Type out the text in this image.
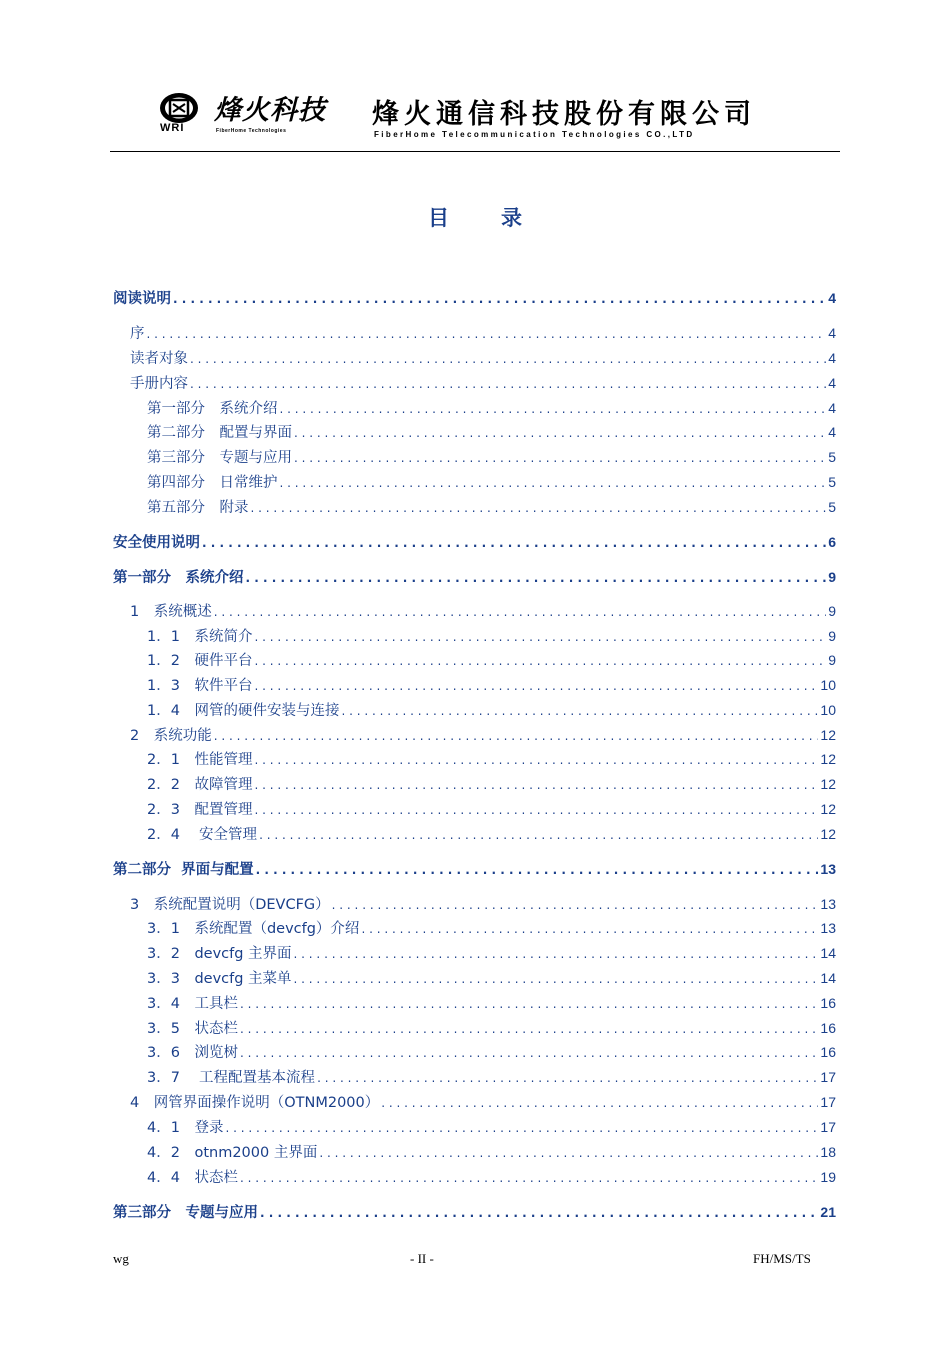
WRI
烽火科技
FiberHome Technologies
烽火通信科技股份有限公司
FiberHome Telecommunication Technologies CO.,LTD
目录
阅读说明 . . .	4
序 . . .	4
读者对象 . . .	4
手册内容 . . .	4
第一部分　系统介绍 . . .	4
第二部分　配置与界面 . . .	4
第三部分　专题与应用 . . .	5
第四部分　日常维护 . . .	5
第五部分　附录 . . .	5
安全使用说明 . . .	6
第一部分　系统介绍 . . .	9
1　系统概述 . . .	9
1．1　系统简介 . . .	9
1．2　硬件平台 . . .	9
1．3　软件平台 . . .	10
1．4　网管的硬件安装与连接 . . .	10
2　系统功能 . . .	12
2．1　性能管理 . . .	12
2．2　故障管理 . . .	12
2．3　配置管理 . . .	12
2．4　 安全管理 . . .	12
第二部分  界面与配置 . . .	13
3　系统配置说明（DEVCFG） . . .	13
3．1　系统配置（devcfg）介绍 . . .	13
3．2　devcfg 主界面 . . .	14
3．3　devcfg 主菜单 . . .	14
3．4　工具栏 . . .	16
3．5　状态栏 . . .	16
3．6　浏览树 . . .	16
3．7　 工程配置基本流程 . . .	17
4　网管界面操作说明（OTNM2000） . . .	17
4．1　登录 . . .	17
4．2　otnm2000 主界面 . . .	18
4．4　状态栏 . . .	19
第三部分　专题与应用 . . .	21
wg	- II -	FH/MS/TS
